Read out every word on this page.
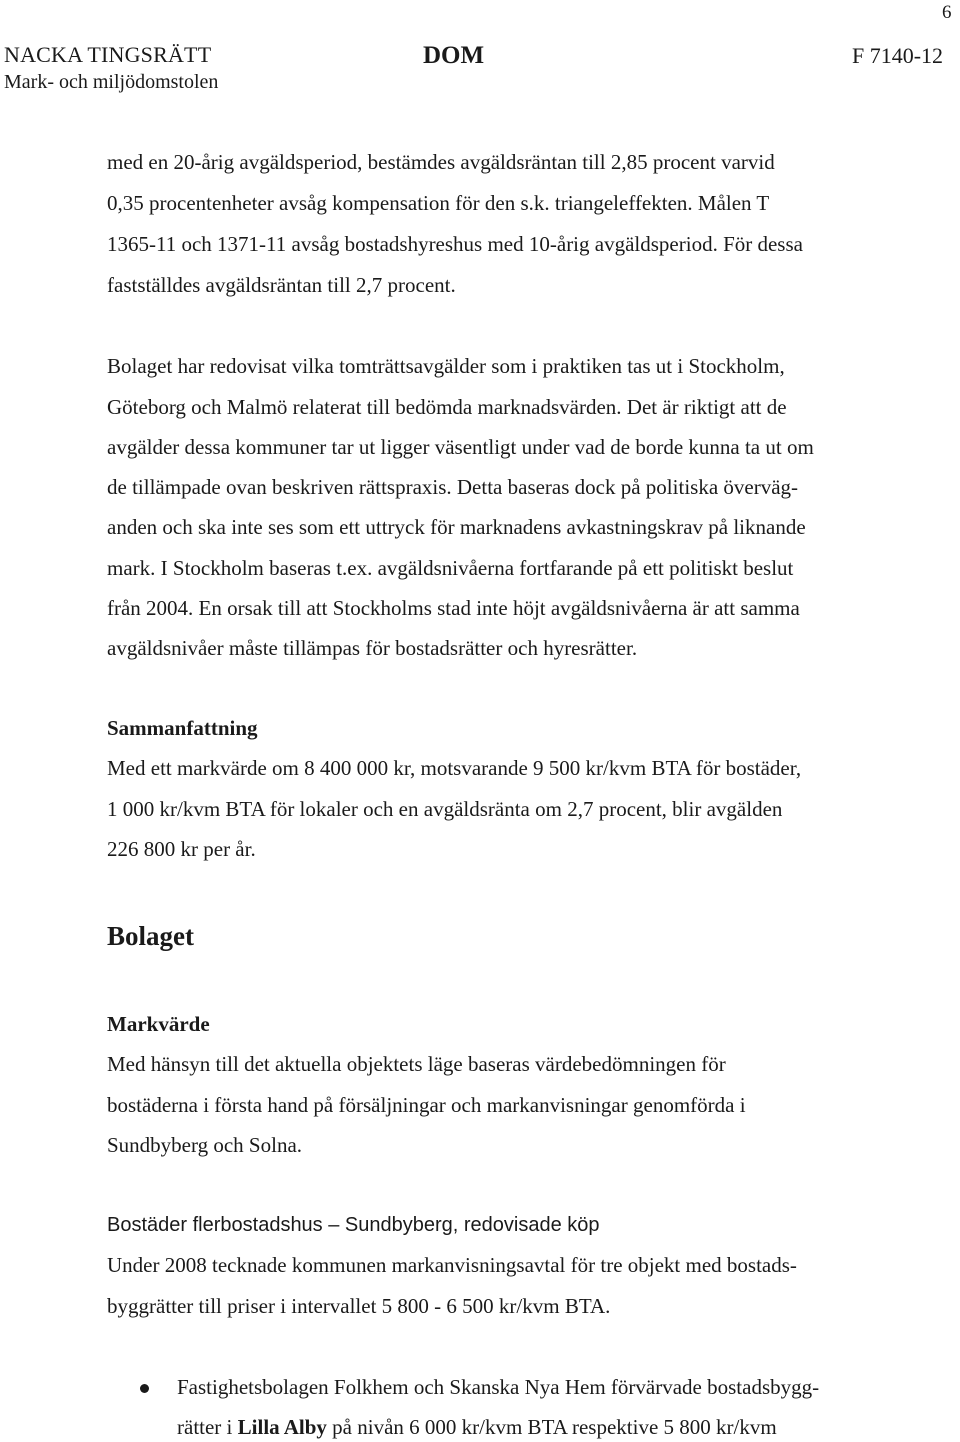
6
NACKA TINGSRÄTT
Mark- och miljödomstolen
DOM	F 7140-12
med en 20-årig avgäldsperiod, bestämdes avgäldsräntan till 2,85 procent varvid
0,35 procentenheter avsåg kompensation för den s.k. triangeleffekten. Målen T
1365-11 och 1371-11 avsåg bostadshyreshus med 10-årig avgäldsperiod. För dessa
fastställdes avgäldsräntan till 2,7 procent.
Bolaget har redovisat vilka tomträttsavgälder som i praktiken tas ut i Stockholm,
Göteborg och Malmö relaterat till bedömda marknadsvärden. Det är riktigt att de
avgälder dessa kommuner tar ut ligger väsentligt under vad de borde kunna ta ut om
de tillämpade ovan beskriven rättspraxis. Detta baseras dock på politiska överväg-
anden och ska inte ses som ett uttryck för marknadens avkastningskrav på liknande
mark. I Stockholm baseras t.ex. avgäldsnivåerna fortfarande på ett politiskt beslut
från 2004. En orsak till att Stockholms stad inte höjt avgäldsnivåerna är att samma
avgäldsnivåer måste tillämpas för bostadsrätter och hyresrätter.
Sammanfattning
Med ett markvärde om 8 400 000 kr, motsvarande 9 500 kr/kvm BTA för bostäder,
1 000 kr/kvm BTA för lokaler och en avgäldsränta om 2,7 procent, blir avgälden
226 800 kr per år.
Bolaget
Markvärde
Med hänsyn till det aktuella objektets läge baseras värdebedömningen för
bostäderna i första hand på försäljningar och markanvisningar genomförda i
Sundbyberg och Solna.
Bostäder flerbostadshus – Sundbyberg, redovisade köp
Under 2008 tecknade kommunen markanvisningsavtal för tre objekt med bostads-
byggrätter till priser i intervallet 5 800 - 6 500 kr/kvm BTA.
Fastighetsbolagen Folkhem och Skanska Nya Hem förvärvade bostadsbygg-
rätter i Lilla Alby på nivån 6 000 kr/kvm BTA respektive 5 800 kr/kvm
